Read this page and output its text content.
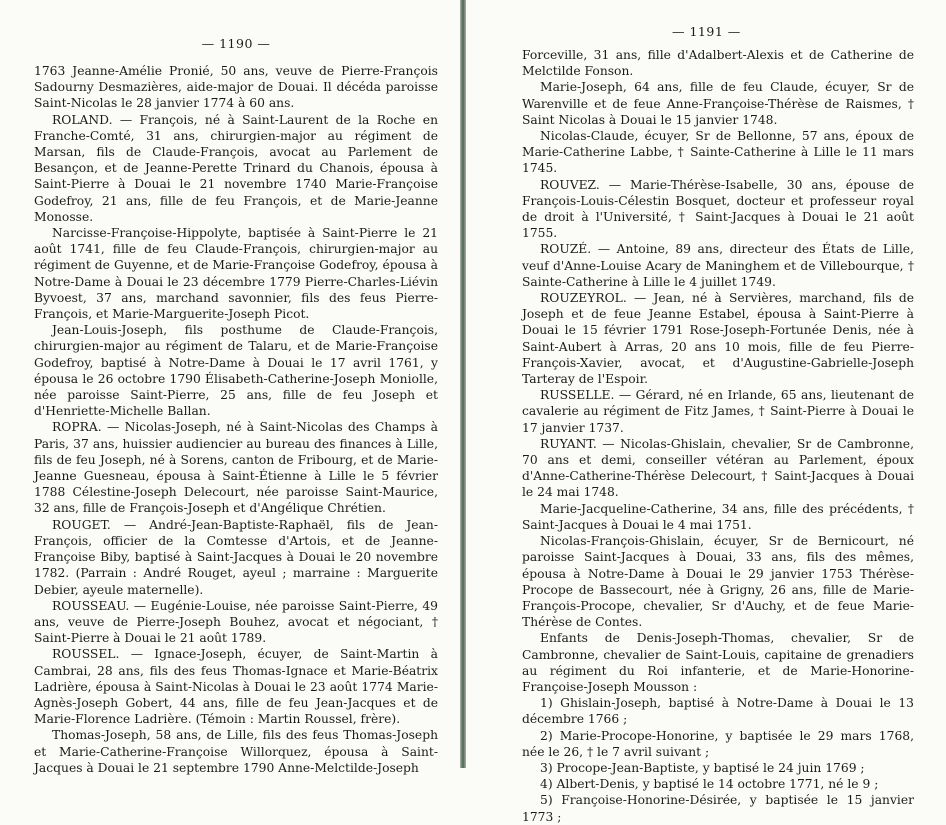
— 1190 —

1763 Jeanne-Amélie Pronié, 50 ans, veuve de Pierre-François Sadourny Desmazières, aide-major de Douai. Il décéda paroisse Saint-Nicolas le 28 janvier 1774 à 60 ans.

ROLAND. — François, né à Saint-Laurent de la Roche en Franche-Comté, 31 ans, chirurgien-major au régiment de Marsan, fils de Claude-François, avocat au Parlement de Besançon, et de Jeanne-Perette Trinard du Chanois, épousa à Saint-Pierre à Douai le 21 novembre 1740 Marie-Françoise Godefroy, 21 ans, fille de feu François, et de Marie-Jeanne Monosse.

Narcisse-Françoise-Hippolyte, baptisée à Saint-Pierre le 21 août 1741, fille de feu Claude-François, chirurgien-major au régiment de Guyenne, et de Marie-Françoise Godefroy, épousa à Notre-Dame à Douai le 23 décembre 1779 Pierre-Charles-Liévin Byvoest, 37 ans, marchand savonnier, fils des feus Pierre-François, et Marie-Marguerite-Joseph Picot.

Jean-Louis-Joseph, fils posthume de Claude-François, chirurgien-major au régiment de Talaru, et de Marie-Françoise Godefroy, baptisé à Notre-Dame à Douai le 17 avril 1761, y épousa le 26 octobre 1790 Élisabeth-Catherine-Joseph Moniolle, née paroisse Saint-Pierre, 25 ans, fille de feu Joseph et d'Henriette-Michelle Ballan.

ROPRA. — Nicolas-Joseph, né à Saint-Nicolas des Champs à Paris, 37 ans, huissier audiencier au bureau des finances à Lille, fils de feu Joseph, né à Sorens, canton de Fribourg, et de Marie-Jeanne Guesneau, épousa à Saint-Étienne à Lille le 5 février 1788 Célestine-Joseph Delecourt, née paroisse Saint-Maurice, 32 ans, fille de François-Joseph et d'Angélique Chrétien.

ROUGET. — André-Jean-Baptiste-Raphaël, fils de Jean-François, officier de la Comtesse d'Artois, et de Jeanne-Françoise Biby, baptisé à Saint-Jacques à Douai le 20 novembre 1782. (Parrain : André Rouget, ayeul ; marraine : Marguerite Debier, ayeule maternelle).

ROUSSEAU. — Eugénie-Louise, née paroisse Saint-Pierre, 49 ans, veuve de Pierre-Joseph Bouhez, avocat et négociant, † Saint-Pierre à Douai le 21 août 1789.

ROUSSEL. — Ignace-Joseph, écuyer, de Saint-Martin à Cambrai, 28 ans, fils des feus Thomas-Ignace et Marie-Béatrix Ladrière, épousa à Saint-Nicolas à Douai le 23 août 1774 Marie-Agnès-Joseph Gobert, 44 ans, fille de feu Jean-Jacques et de Marie-Florence Ladrière. (Témoin : Martin Roussel, frère).

Thomas-Joseph, 58 ans, de Lille, fils des feus Thomas-Joseph et Marie-Catherine-Françoise Willorquez, épousa à Saint-Jacques à Douai le 21 septembre 1790 Anne-Melctilde-Joseph

— 1191 —

Forceville, 31 ans, fille d'Adalbert-Alexis et de Catherine de Melctilde Fonson.

Marie-Joseph, 64 ans, fille de feu Claude, écuyer, Sr de Warenville et de feue Anne-Françoise-Thérèse de Raismes, † Saint Nicolas à Douai le 15 janvier 1748.

Nicolas-Claude, écuyer, Sr de Bellonne, 57 ans, époux de Marie-Catherine Labbe, † Sainte-Catherine à Lille le 11 mars 1745.

ROUVEZ. — Marie-Thérèse-Isabelle, 30 ans, épouse de François-Louis-Célestin Bosquet, docteur et professeur royal de droit à l'Université, † Saint-Jacques à Douai le 21 août 1755.

ROUZÉ. — Antoine, 89 ans, directeur des États de Lille, veuf d'Anne-Louise Acary de Maninghem et de Villebourque, † Sainte-Catherine à Lille le 4 juillet 1749.

ROUZEYROL. — Jean, né à Servières, marchand, fils de Joseph et de feue Jeanne Estabel, épousa à Saint-Pierre à Douai le 15 février 1791 Rose-Joseph-Fortunée Denis, née à Saint-Aubert à Arras, 20 ans 10 mois, fille de feu Pierre-François-Xavier, avocat, et d'Augustine-Gabrielle-Joseph Tarteray de l'Espoir.

RUSSELLE. — Gérard, né en Irlande, 65 ans, lieutenant de cavalerie au régiment de Fitz James, † Saint-Pierre à Douai le 17 janvier 1737.

RUYANT. — Nicolas-Ghislain, chevalier, Sr de Cambronne, 70 ans et demi, conseiller vétéran au Parlement, époux d'Anne-Catherine-Thérèse Delecourt, † Saint-Jacques à Douai le 24 mai 1748.

Marie-Jacqueline-Catherine, 34 ans, fille des précédents, † Saint-Jacques à Douai le 4 mai 1751.

Nicolas-François-Ghislain, écuyer, Sr de Bernicourt, né paroisse Saint-Jacques à Douai, 33 ans, fils des mêmes, épousa à Notre-Dame à Douai le 29 janvier 1753 Thérèse-Procope de Bassecourt, née à Grigny, 26 ans, fille de Marie-François-Procope, chevalier, Sr d'Auchy, et de feue Marie-Thérèse de Contes.

Enfants de Denis-Joseph-Thomas, chevalier, Sr de Cambronne, chevalier de Saint-Louis, capitaine de grenadiers au régiment du Roi infanterie, et de Marie-Honorine-Françoise-Joseph Mousson :

1) Ghislain-Joseph, baptisé à Notre-Dame à Douai le 13 décembre 1766 ;

2) Marie-Procope-Honorine, y baptisée le 29 mars 1768, née le 26, † le 7 avril suivant ;

3) Procope-Jean-Baptiste, y baptisé le 24 juin 1769 ;

4) Albert-Denis, y baptisé le 14 octobre 1771, né le 9 ;

5) Françoise-Honorine-Désirée, y baptisée le 15 janvier 1773 ;
